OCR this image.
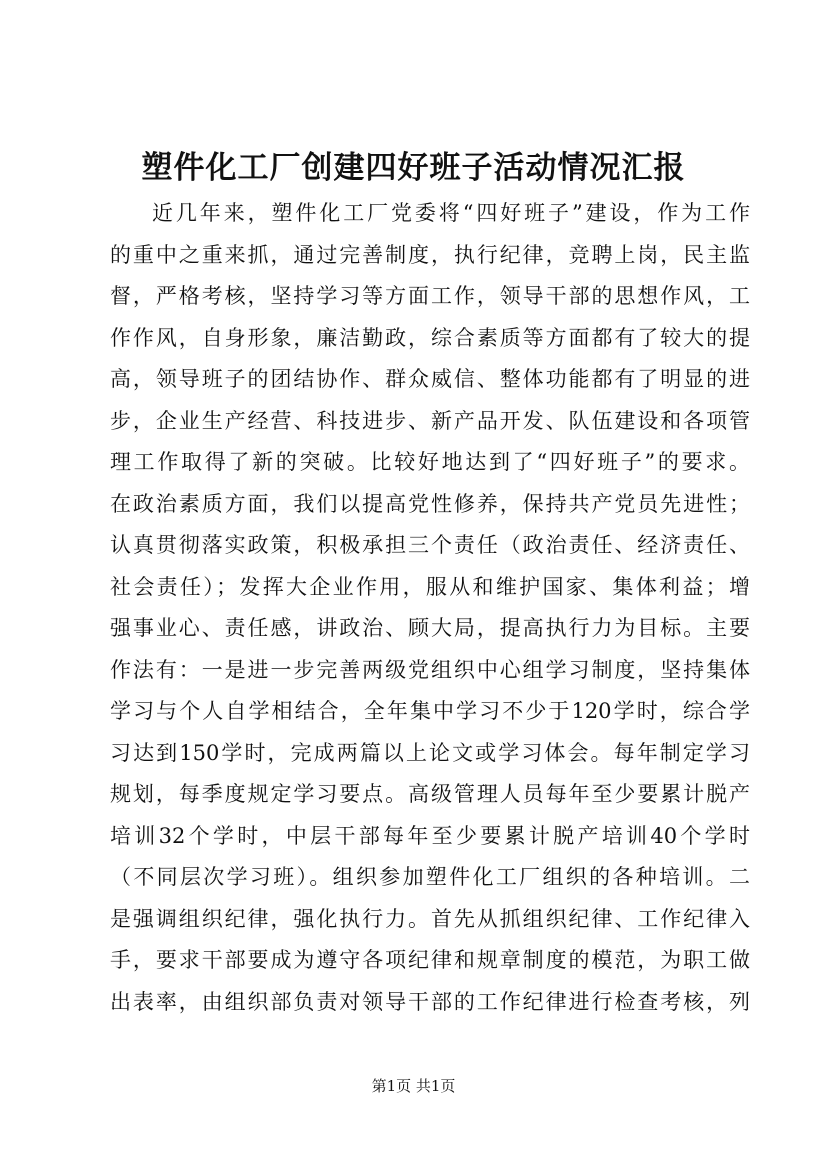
塑件化工厂创建四好班子活动情况汇报
近几年来，塑件化工厂党委将“四好班子”建设，作为工作
的重中之重来抓，通过完善制度，执行纪律，竞聘上岗，民主监
督，严格考核，坚持学习等方面工作，领导干部的思想作风，工
作作风，自身形象，廉洁勤政，综合素质等方面都有了较大的提
高，领导班子的团结协作、群众威信、整体功能都有了明显的进
步，企业生产经营、科技进步、新产品开发、队伍建设和各项管
理工作取得了新的突破。比较好地达到了“四好班子”的要求。
在政治素质方面，我们以提高党性修养，保持共产党员先进性；
认真贯彻落实政策，积极承担三个责任（政治责任、经济责任、
社会责任）；发挥大企业作用，服从和维护国家、集体利益；增
强事业心、责任感，讲政治、顾大局，提高执行力为目标。主要
作法有：一是进一步完善两级党组织中心组学习制度，坚持集体
学习与个人自学相结合，全年集中学习不少于120学时，综合学
习达到150学时，完成两篇以上论文或学习体会。每年制定学习
规划，每季度规定学习要点。高级管理人员每年至少要累计脱产
培训32个学时，中层干部每年至少要累计脱产培训40个学时
（不同层次学习班）。组织参加塑件化工厂组织的各种培训。二
是强调组织纪律，强化执行力。首先从抓组织纪律、工作纪律入
手，要求干部要成为遵守各项纪律和规章制度的模范，为职工做
出表率，由组织部负责对领导干部的工作纪律进行检查考核，列
第1页 共1页
